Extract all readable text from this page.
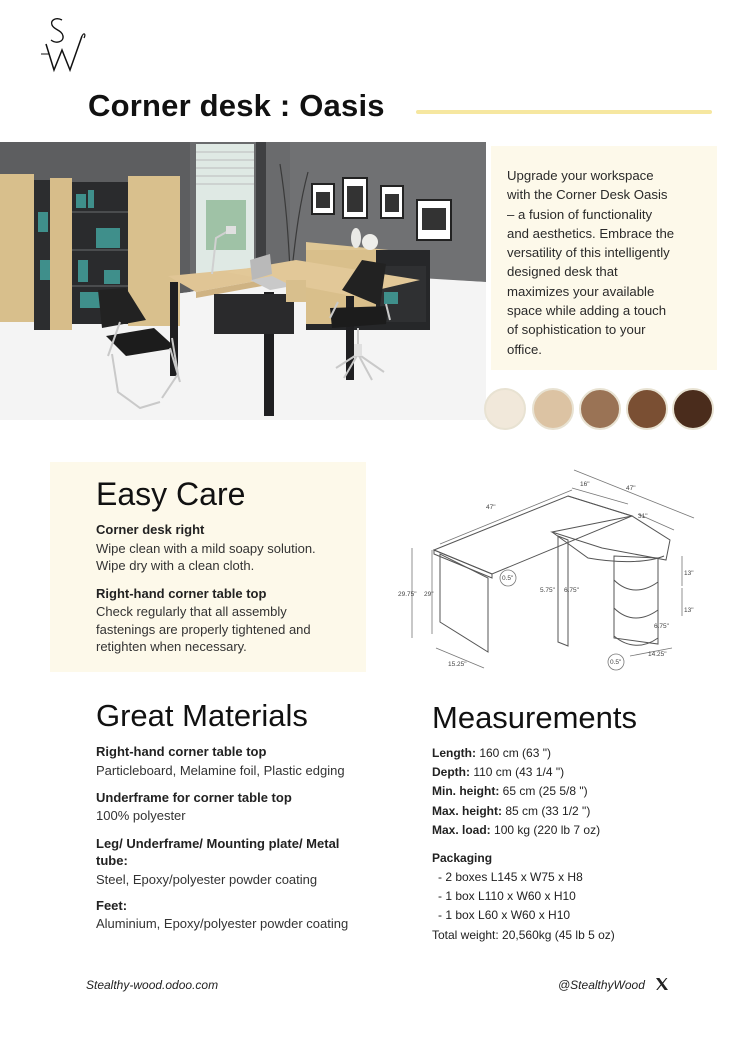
Corner desk : Oasis
Upgrade your workspace
with the Corner Desk Oasis
– a fusion of functionality
and aesthetics. Embrace the
versatility of this intelligently
designed desk that
maximizes your available
space while adding a touch
of sophistication to your
office.
Easy Care
Corner desk right
Wipe clean with a mild soapy solution.
Wipe dry with a clean cloth.
Right-hand corner table top
Check regularly that all assembly
fastenings are properly tightened and
retighten when necessary.
47"
16"
47"
31"
29.75" 29"
0.5"
0.5"
5.75" 6.75"
13"
13"
6.75"
15.25"
14.25"
Great Materials
Right-hand corner table top
Particleboard, Melamine foil, Plastic edging
Underframe for corner table top
100% polyester
Leg/ Underframe/ Mounting plate/ Metal
tube:
Steel, Epoxy/polyester powder coating
Feet:
Aluminium, Epoxy/polyester powder coating
Measurements
Length: 160 cm (63 ")
Depth: 110 cm (43 1/4 ")
Min. height: 65 cm (25 5/8 ")
Max. height: 85 cm (33 1/2 ")
Max. load: 100 kg (220 lb 7 oz)
Packaging
- 2 boxes L145 x W75 x H8
- 1 box L110 x W60 x H10
- 1 box L60 x W60 x H10
Total weight: 20,560kg (45 lb 5 oz)
Stealthy-wood.odoo.com	@StealthyWood
